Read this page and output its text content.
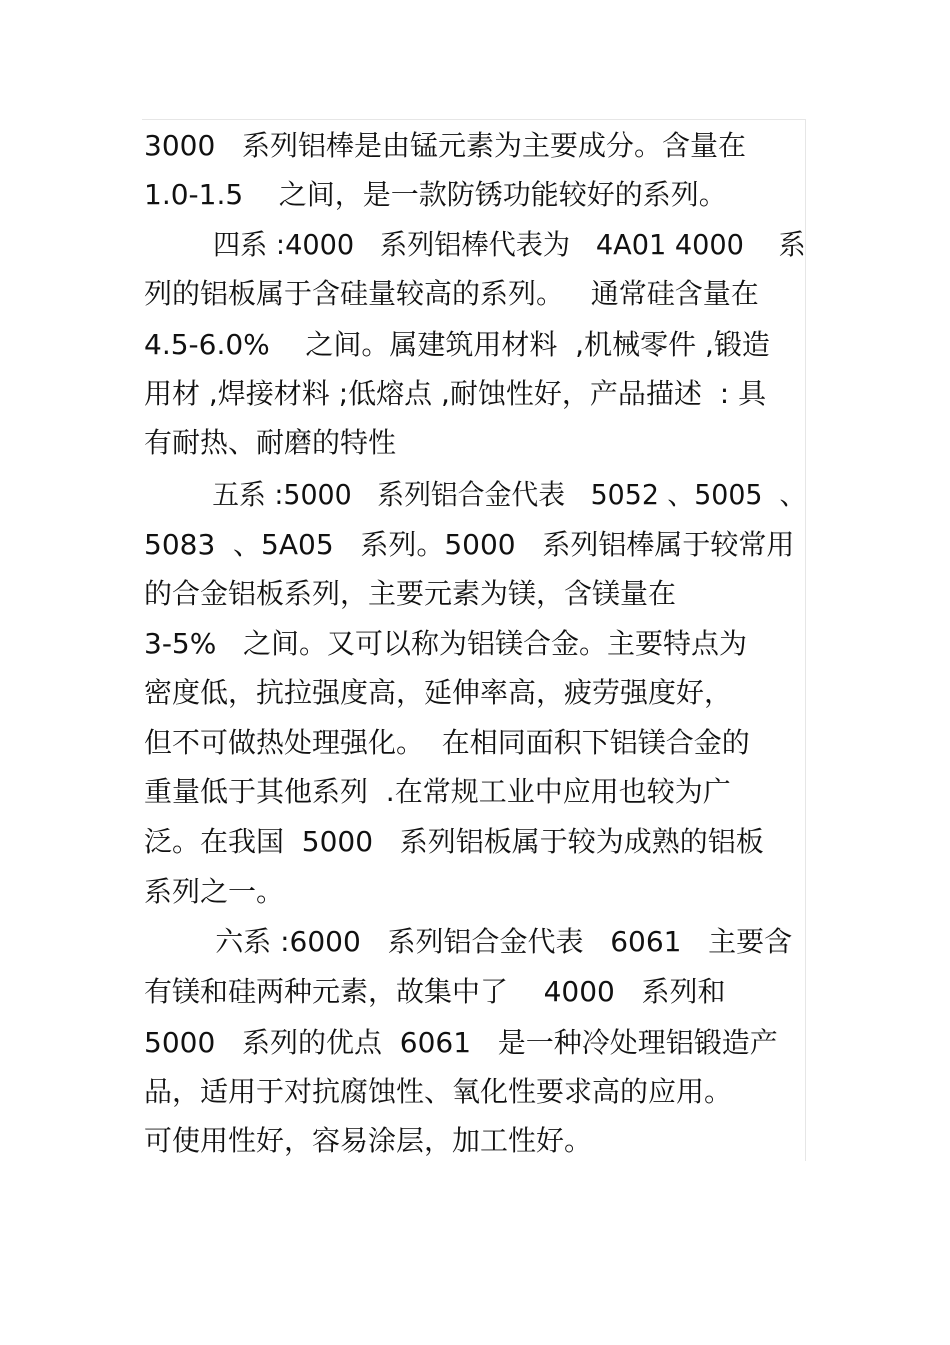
3000   系列铝棒是由锰元素为主要成分。含量在
1.0-1.5    之间，是一款防锈功能较好的系列。
四系 :4000   系列铝棒代表为   4A01 4000    系
列的铝板属于含硅量较高的系列。   通常硅含量在
4.5-6.0%    之间。属建筑用材料  ,机械零件 ,锻造
用材 ,焊接材料 ;低熔点 ,耐蚀性好，产品描述  : 具
有耐热、耐磨的特性
五系 :5000   系列铝合金代表   5052 、5005  、
5083  、5A05   系列。5000   系列铝棒属于较常用
的合金铝板系列，主要元素为镁，含镁量在
3-5%   之间。又可以称为铝镁合金。主要特点为
密度低，抗拉强度高，延伸率高，疲劳强度好，
但不可做热处理强化。  在相同面积下铝镁合金的
重量低于其他系列  .在常规工业中应用也较为广
泛。在我国  5000   系列铝板属于较为成熟的铝板
系列之一。
六系 :6000   系列铝合金代表   6061   主要含
有镁和硅两种元素，故集中了    4000   系列和
5000   系列的优点  6061   是一种冷处理铝锻造产
品，适用于对抗腐蚀性、氧化性要求高的应用。
可使用性好，容易涂层，加工性好。
